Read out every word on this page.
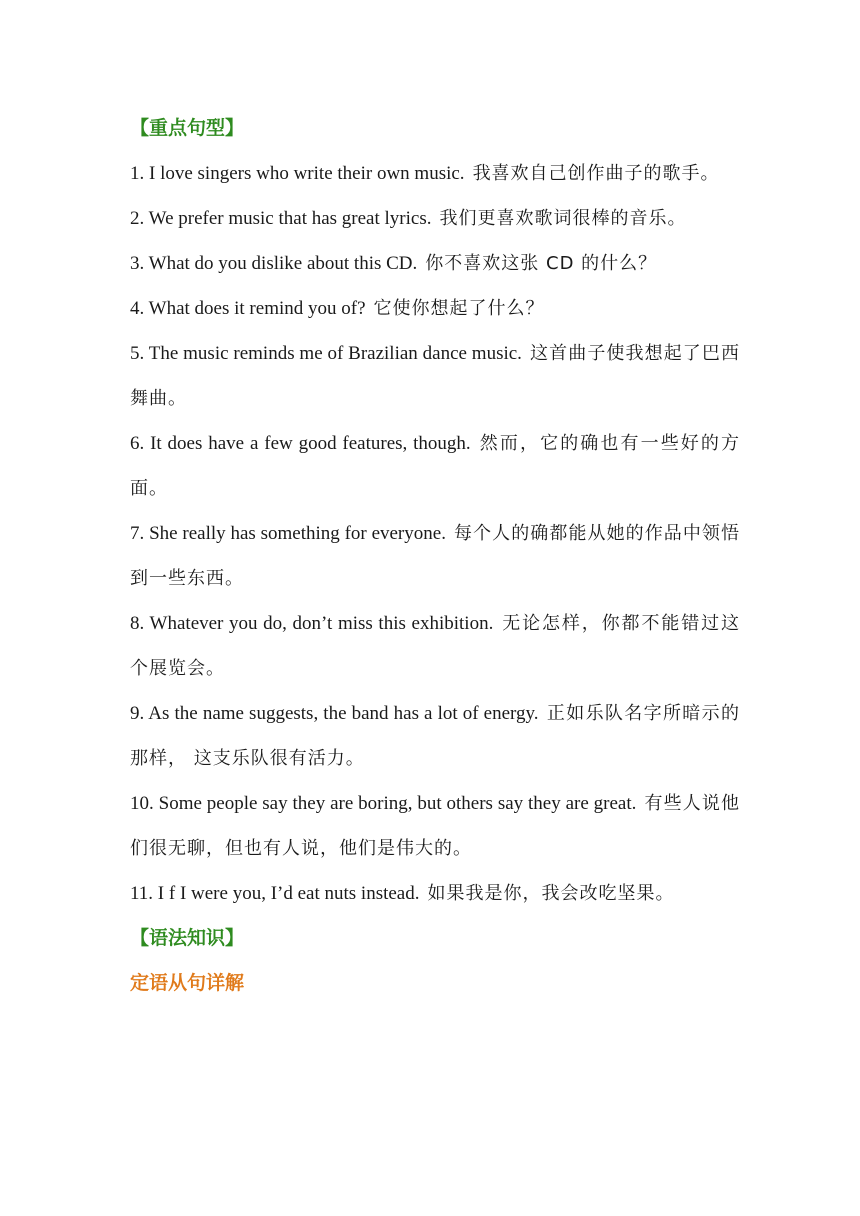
【重点句型】

1. I love singers who write their own music. 我喜欢自己创作曲子的歌手。

2. We prefer music that has great lyrics. 我们更喜欢歌词很棒的音乐。

3. What do you dislike about this CD. 你不喜欢这张 CD 的什么？

4. What does it remind you of? 它使你想起了什么？

5. The music reminds me of Brazilian dance music. 这首曲子使我想起了巴西舞曲。

6. It does have a few good features, though. 然而，它的确也有一些好的方面。

7. She really has something for everyone. 每个人的确都能从她的作品中领悟到一些东西。

8. Whatever you do, don’t miss this exhibition. 无论怎样，你都不能错过这个展览会。

9. As the name suggests, the band has a lot of energy. 正如乐队名字所暗示的那样， 这支乐队很有活力。

10. Some people say they are boring, but others say they are great. 有些人说他们很无聊，但也有人说，他们是伟大的。

11. I f I were you, I’d eat nuts instead. 如果我是你，我会改吃坚果。

【语法知识】
定语从句详解
